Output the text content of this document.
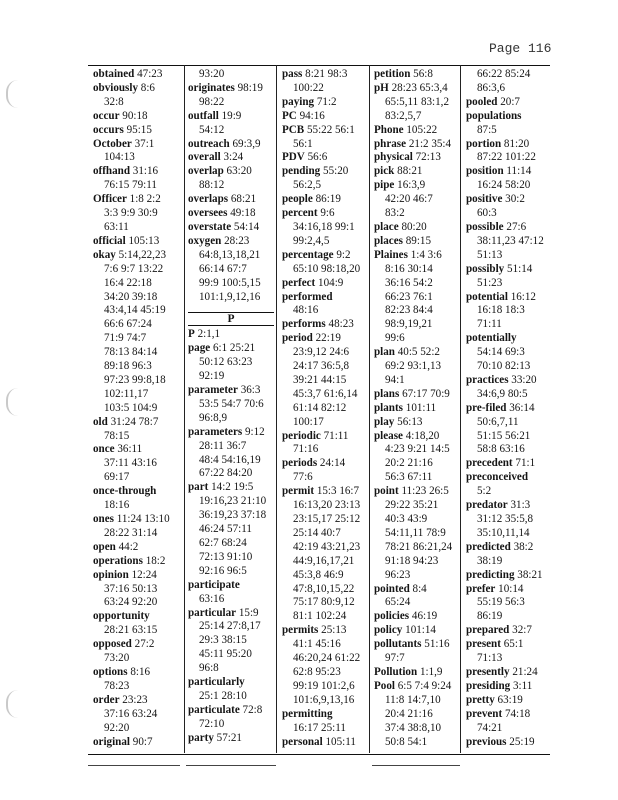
Page 116
obtained 47:23
obviously 8:6
32:8
occur 90:18
occurs 95:15
October 37:1
104:13
offhand 31:16
76:15 79:11
Officer 1:8 2:2
3:3 9:9 30:9
63:11
official 105:13
okay 5:14,22,23
7:6 9:7 13:22
16:4 22:18
34:20 39:18
43:4,14 45:19
66:6 67:24
71:9 74:7
78:13 84:14
89:18 96:3
97:23 99:8,18
102:11,17
103:5 104:9
old 31:24 78:7
78:15
once 36:11
37:11 43:16
69:17
once-through
18:16
ones 11:24 13:10
28:22 31:14
open 44:2
operations 18:2
opinion 12:24
37:16 50:13
63:24 92:20
opportunity
28:21 63:15
opposed 27:2
73:20
options 8:16
78:23
order 23:23
37:16 63:24
92:20
original 90:7
93:20
originates 98:19
98:22
outfall 19:9
54:12
outreach 69:3,9
overall 3:24
overlap 63:20
88:12
overlaps 68:21
oversees 49:18
overstate 54:14
oxygen 28:23
64:8,13,18,21
66:14 67:7
99:9 100:5,15
101:1,9,12,16
P
P 2:1,1
page 6:1 25:21
50:12 63:23
92:19
parameter 36:3
53:5 54:7 70:6
96:8,9
parameters 9:12
28:11 36:7
48:4 54:16,19
67:22 84:20
part 14:2 19:5
19:16,23 21:10
36:19,23 37:18
46:24 57:11
62:7 68:24
72:13 91:10
92:16 96:5
participate
63:16
particular 15:9
25:14 27:8,17
29:3 38:15
45:11 95:20
96:8
particularly
25:1 28:10
particulate 72:8
72:10
party 57:21
pass 8:21 98:3
100:22
paying 71:2
PC 94:16
PCB 55:22 56:1
56:1
PDV 56:6
pending 55:20
56:2,5
people 86:19
percent 9:6
34:16,18 99:1
99:2,4,5
percentage 9:2
65:10 98:18,20
perfect 104:9
performed
48:16
performs 48:23
period 22:19
23:9,12 24:6
24:17 36:5,8
39:21 44:15
45:3,7 61:6,14
61:14 82:12
100:17
periodic 71:11
71:16
periods 24:14
77:6
permit 15:3 16:7
16:13,20 23:13
23:15,17 25:12
25:14 40:7
42:19 43:21,23
44:9,16,17,21
45:3,8 46:9
47:8,10,15,22
75:17 80:9,12
81:1 102:24
permits 25:13
41:1 45:16
46:20,24 61:22
62:8 95:23
99:19 101:2,6
101:6,9,13,16
permitting
16:17 25:11
personal 105:11
petition 56:8
pH 28:23 65:3,4
65:5,11 83:1,2
83:2,5,7
Phone 105:22
phrase 21:2 35:4
physical 72:13
pick 88:21
pipe 16:3,9
42:20 46:7
83:2
place 80:20
places 89:15
Plaines 1:4 3:6
8:16 30:14
36:16 54:2
66:23 76:1
82:23 84:4
98:9,19,21
99:6
plan 40:5 52:2
69:2 93:1,13
94:1
plans 67:17 70:9
plants 101:11
play 56:13
please 4:18,20
4:23 9:21 14:5
20:2 21:16
56:3 67:11
point 11:23 26:5
29:22 35:21
40:3 43:9
54:11,11 78:9
78:21 86:21,24
91:18 94:23
96:23
pointed 8:4
65:24
policies 46:19
policy 101:14
pollutants 51:16
97:7
Pollution 1:1,9
Pool 6:5 7:4 9:24
11:8 14:7,10
20:4 21:16
37:4 38:8,10
50:8 54:1
66:22 85:24
86:3,6
pooled 20:7
populations
87:5
portion 81:20
87:22 101:22
position 11:14
16:24 58:20
positive 30:2
60:3
possible 27:6
38:11,23 47:12
51:13
possibly 51:14
51:23
potential 16:12
16:18 18:3
71:11
potentially
54:14 69:3
70:10 82:13
practices 33:20
34:6,9 80:5
pre-filed 36:14
50:6,7,11
51:15 56:21
58:8 63:16
precedent 71:1
preconceived
5:2
predator 31:3
31:12 35:5,8
35:10,11,14
predicted 38:2
38:19
predicting 38:21
prefer 10:14
55:19 56:3
86:19
prepared 32:7
present 65:1
71:13
presently 21:24
presiding 3:11
pretty 63:19
prevent 74:18
74:21
previous 25:19
